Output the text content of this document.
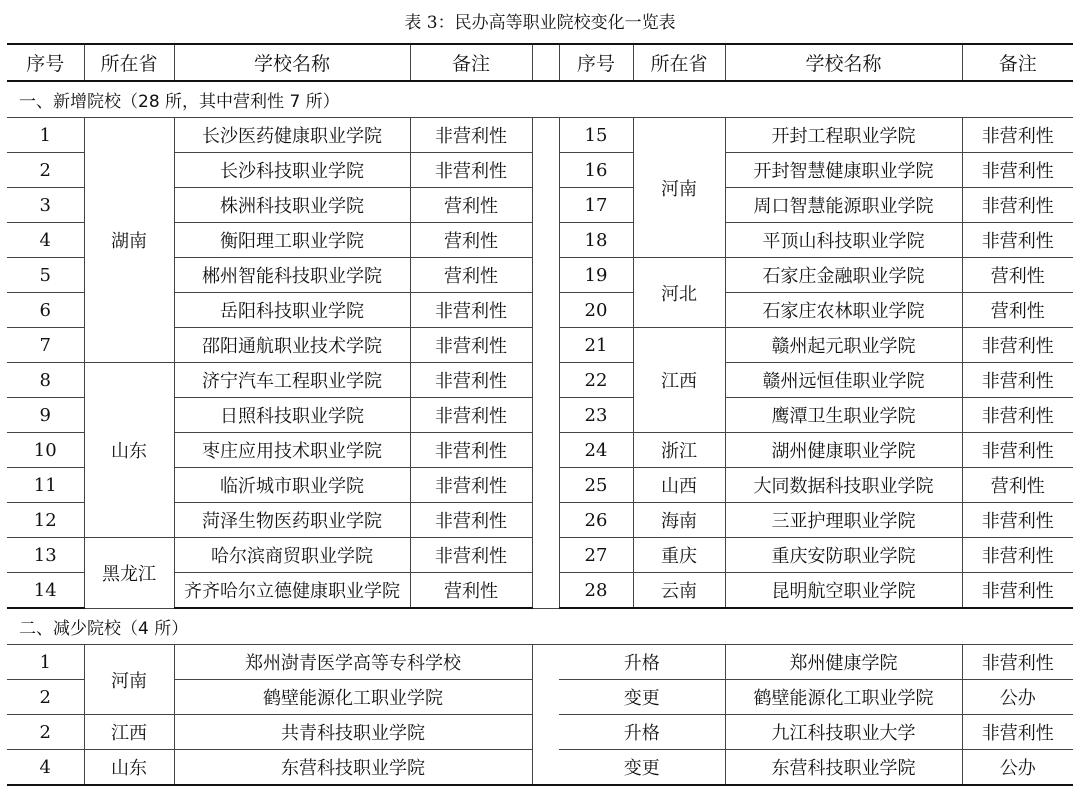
表 3：民办高等职业院校变化一览表
序号	所在省	学校名称	备注		序号	所在省	学校名称	备注
一、新增院校（28 所，其中营利性 7 所）								
1	湖南	长沙医药健康职业学院	非营利性		15	河南	开封工程职业学院	非营利性
2		长沙科技职业学院	非营利性		16		开封智慧健康职业学院	非营利性
3		株洲科技职业学院	营利性		17		周口智慧能源职业学院	非营利性
4		衡阳理工职业学院	营利性		18		平顶山科技职业学院	非营利性
5		郴州智能科技职业学院	营利性		19	河北	石家庄金融职业学院	营利性
6		岳阳科技职业学院	非营利性		20		石家庄农林职业学院	营利性
7		邵阳通航职业技术学院	非营利性		21	江西	赣州起元职业学院	非营利性
8	山东	济宁汽车工程职业学院	非营利性		22		赣州远恒佳职业学院	非营利性
9		日照科技职业学院	非营利性		23		鹰潭卫生职业学院	非营利性
10		枣庄应用技术职业学院	非营利性		24	浙江	湖州健康职业学院	非营利性
11		临沂城市职业学院	非营利性		25	山西	大同数据科技职业学院	营利性
12		菏泽生物医药职业学院	非营利性		26	海南	三亚护理职业学院	非营利性
13	黑龙江	哈尔滨商贸职业学院	非营利性		27	重庆	重庆安防职业学院	非营利性
14		齐齐哈尔立德健康职业学院	营利性		28	云南	昆明航空职业学院	非营利性
二、减少院校（4 所）								
1	河南	郑州澍青医学高等专科学校			升格		郑州健康学院	非营利性
2		鹤壁能源化工职业学院			变更		鹤壁能源化工职业学院	公办
2	江西	共青科技职业学院			升格		九江科技职业大学	非营利性
4	山东	东营科技职业学院			变更		东营科技职业学院	公办
